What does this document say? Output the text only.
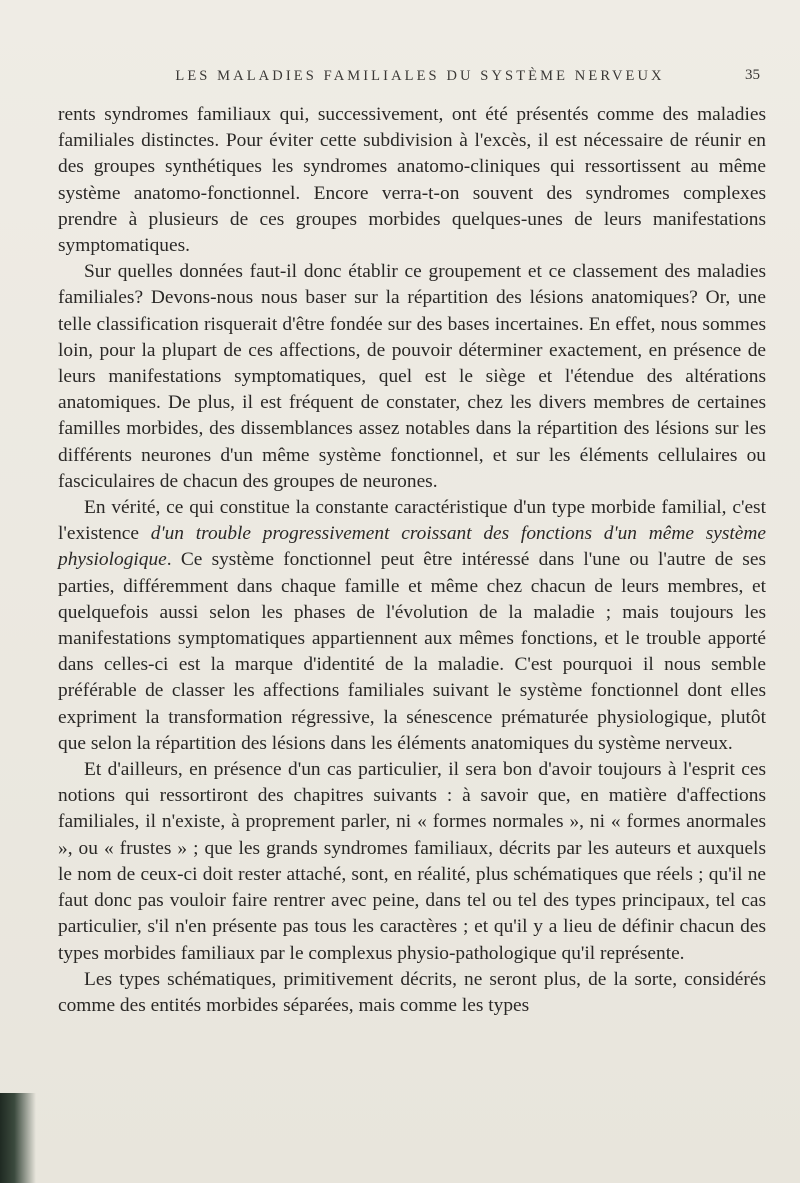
LES MALADIES FAMILIALES DU SYSTÈME NERVEUX	35

rents syndromes familiaux qui, successivement, ont été présentés comme des maladies familiales distinctes. Pour éviter cette subdivision à l'excès, il est nécessaire de réunir en des groupes synthétiques les syndromes anatomo-cliniques qui ressortissent au même système anatomo-fonctionnel. Encore verra-t-on souvent des syndromes complexes prendre à plusieurs de ces groupes morbides quelques-unes de leurs manifestations symptomatiques.

Sur quelles données faut-il donc établir ce groupement et ce classement des maladies familiales? Devons-nous nous baser sur la répartition des lésions anatomiques? Or, une telle classification risquerait d'être fondée sur des bases incertaines. En effet, nous sommes loin, pour la plupart de ces affections, de pouvoir déterminer exactement, en présence de leurs manifestations symptomatiques, quel est le siège et l'étendue des altérations anatomiques. De plus, il est fréquent de constater, chez les divers membres de certaines familles morbides, des dissemblances assez notables dans la répartition des lésions sur les différents neurones d'un même système fonctionnel, et sur les éléments cellulaires ou fasciculaires de chacun des groupes de neurones.

En vérité, ce qui constitue la constante caractéristique d'un type morbide familial, c'est l'existence d'un trouble progressivement croissant des fonctions d'un même système physiologique. Ce système fonctionnel peut être intéressé dans l'une ou l'autre de ses parties, différemment dans chaque famille et même chez chacun de leurs membres, et quelquefois aussi selon les phases de l'évolution de la maladie ; mais toujours les manifestations symptomatiques appartiennent aux mêmes fonctions, et le trouble apporté dans celles-ci est la marque d'identité de la maladie. C'est pourquoi il nous semble préférable de classer les affections familiales suivant le système fonctionnel dont elles expriment la transformation régressive, la sénescence prématurée physiologique, plutôt que selon la répartition des lésions dans les éléments anatomiques du système nerveux.

Et d'ailleurs, en présence d'un cas particulier, il sera bon d'avoir toujours à l'esprit ces notions qui ressortiront des chapitres suivants : à savoir que, en matière d'affections familiales, il n'existe, à proprement parler, ni « formes normales », ni « formes anormales », ou « frustes » ; que les grands syndromes familiaux, décrits par les auteurs et auxquels le nom de ceux-ci doit rester attaché, sont, en réalité, plus schématiques que réels ; qu'il ne faut donc pas vouloir faire rentrer avec peine, dans tel ou tel des types principaux, tel cas particulier, s'il n'en présente pas tous les caractères ; et qu'il y a lieu de définir chacun des types morbides familiaux par le complexus physio-pathologique qu'il représente.

Les types schématiques, primitivement décrits, ne seront plus, de la sorte, considérés comme des entités morbides séparées, mais comme les types
